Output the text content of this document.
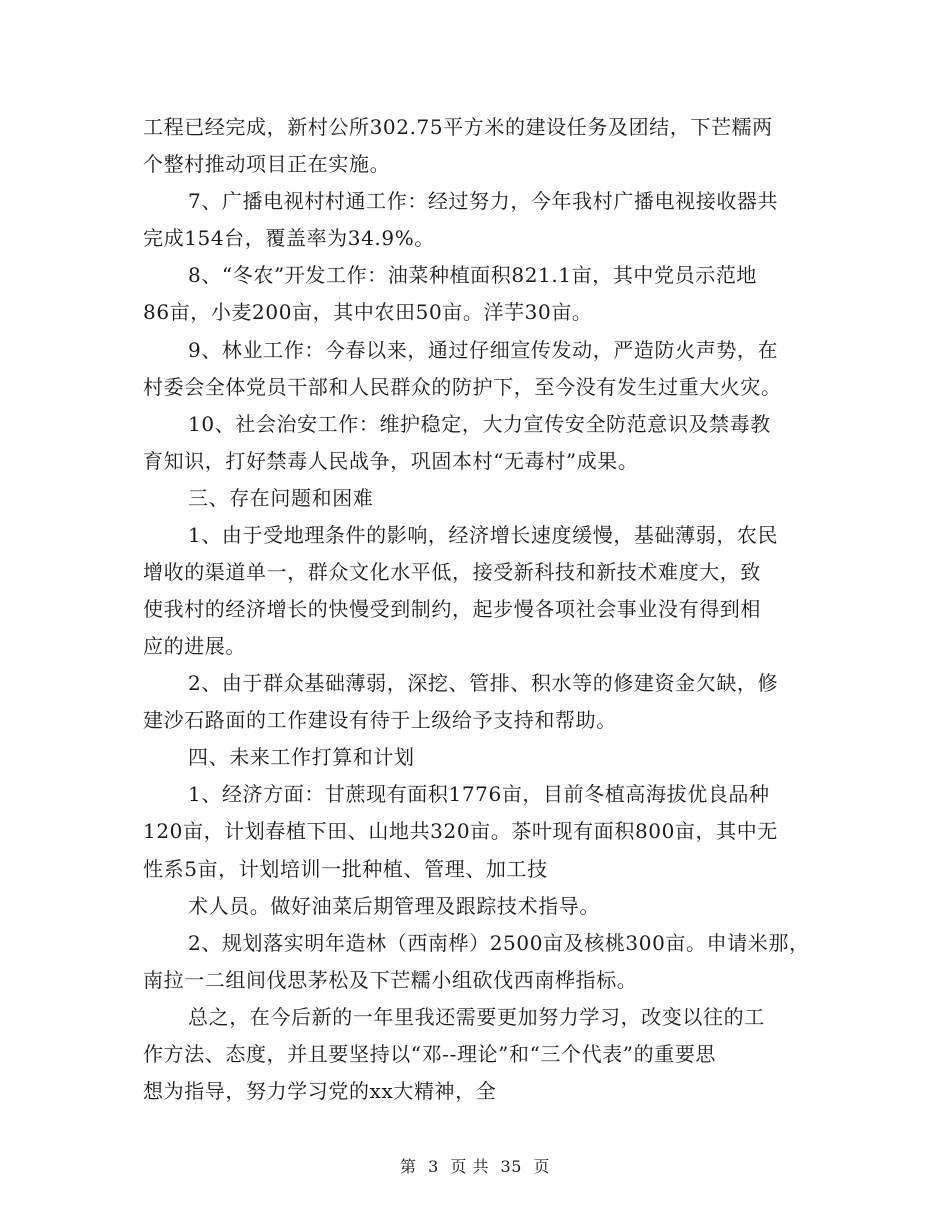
工程已经完成，新村公所302.75平方米的建设任务及团结，下芒糯两
个整村推动项目正在实施。
7、广播电视村村通工作：经过努力，今年我村广播电视接收器共
完成154台，覆盖率为34.9%。
8、“冬农”开发工作：油菜种植面积821.1亩，其中党员示范地
86亩，小麦200亩，其中农田50亩。洋芋30亩。
9、林业工作：今春以来，通过仔细宣传发动，严造防火声势，在
村委会全体党员干部和人民群众的防护下，至今没有发生过重大火灾。
10、社会治安工作：维护稳定，大力宣传安全防范意识及禁毒教
育知识，打好禁毒人民战争，巩固本村“无毒村”成果。
三、存在问题和困难
1、由于受地理条件的影响，经济增长速度缓慢，基础薄弱，农民
增收的渠道单一，群众文化水平低，接受新科技和新技术难度大，致
使我村的经济增长的快慢受到制约，起步慢各项社会事业没有得到相
应的进展。
2、由于群众基础薄弱，深挖、管排、积水等的修建资金欠缺，修
建沙石路面的工作建设有待于上级给予支持和帮助。
四、未来工作打算和计划
1、经济方面：甘蔗现有面积1776亩，目前冬植高海拔优良品种
120亩，计划春植下田、山地共320亩。茶叶现有面积800亩，其中无
性系5亩，计划培训一批种植、管理、加工技
术人员。做好油菜后期管理及跟踪技术指导。
2、规划落实明年造林（西南桦）2500亩及核桃300亩。申请米那，
南拉一二组间伐思茅松及下芒糯小组砍伐西南桦指标。
总之，在今后新的一年里我还需要更加努力学习，改变以往的工
作方法、态度，并且要坚持以“邓--理论”和“三个代表”的重要思
想为指导，努力学习党的xx大精神，全
第 3 页 共 35 页
